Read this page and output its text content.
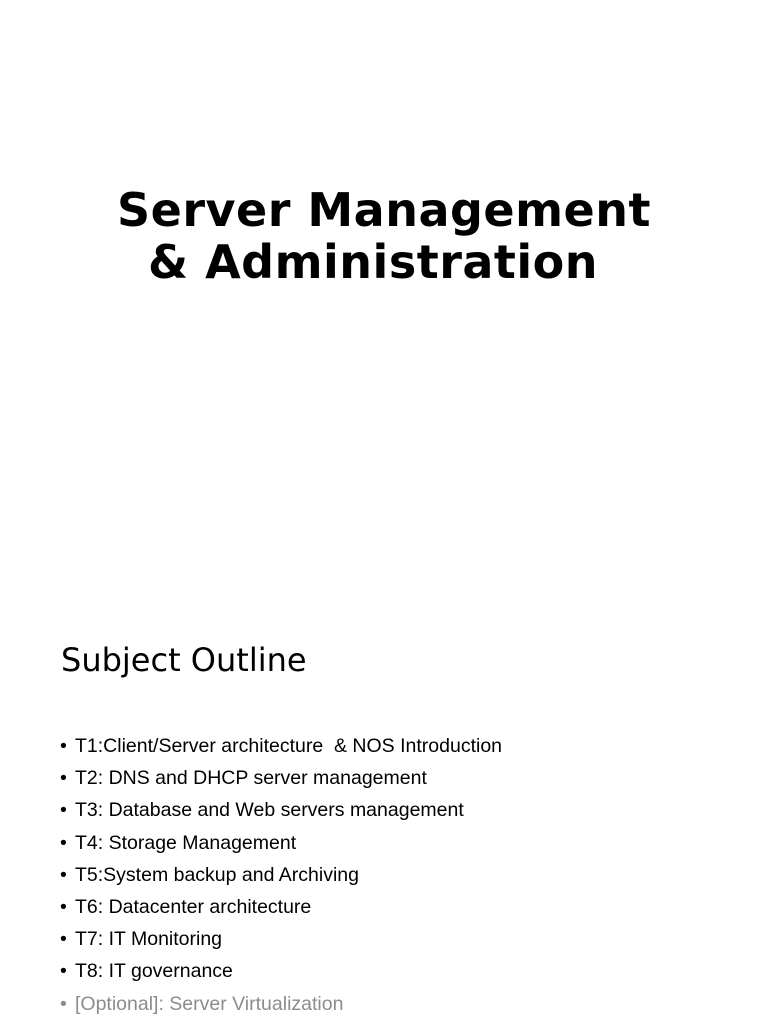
Server Management
& Administration
Subject Outline
• T1:Client/Server architecture  & NOS Introduction
• T2: DNS and DHCP server management
• T3: Database and Web servers management
• T4: Storage Management
• T5:System backup and Archiving
• T6: Datacenter architecture
• T7: IT Monitoring
• T8: IT governance
• [Optional]: Server Virtualization
